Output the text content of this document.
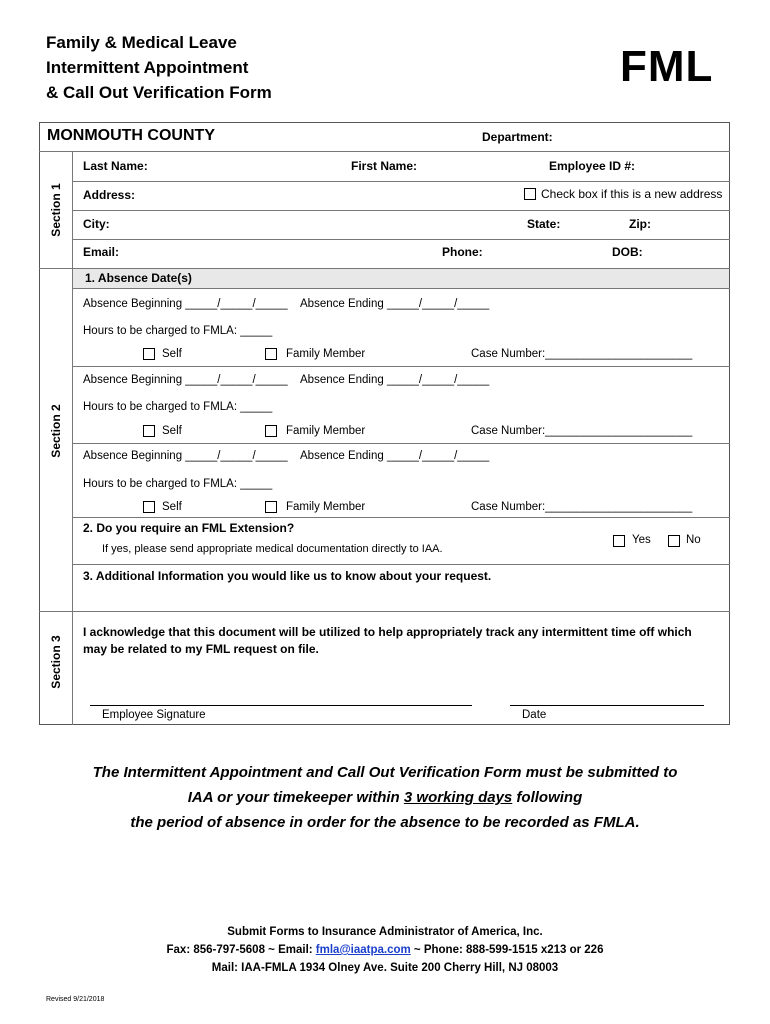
Family & Medical Leave
Intermittent Appointment
& Call Out Verification Form
FML
MONMOUTH COUNTY	Department:
Section 1
Section 2
Section 3
Last Name:	First Name:	Employee ID #:
Address:	Check box if this is a new address
City:	State:	Zip:
Email:	Phone:	DOB:
1. Absence Date(s)
Absence Beginning _____/_____/_____ Absence Ending _____/_____/_____
Hours to be charged to FMLA: _____
Self	Family Member	Case Number:_______________________
Absence Beginning _____/_____/_____ Absence Ending _____/_____/_____
Hours to be charged to FMLA: _____
Self	Family Member	Case Number:_______________________
Absence Beginning _____/_____/_____ Absence Ending _____/_____/_____
Hours to be charged to FMLA: _____
Self	Family Member	Case Number:_______________________
2. Do you require an FML Extension?
If yes, please send appropriate medical documentation directly to IAA.
Yes	No
3. Additional Information you would like us to know about your request.
I acknowledge that this document will be utilized to help appropriately track any intermittent time off which
may be related to my FML request on file.
Employee Signature	Date
The Intermittent Appointment and Call Out Verification Form must be submitted to
IAA or your timekeeper within 3 working days following
the period of absence in order for the absence to be recorded as FMLA.
Submit Forms to Insurance Administrator of America, Inc.
Fax: 856-797-5608 ~ Email: fmla@iaatpa.com ~ Phone: 888-599-1515 x213 or 226
Mail: IAA-FMLA 1934 Olney Ave. Suite 200 Cherry Hill, NJ 08003
Revised 9/21/2018
